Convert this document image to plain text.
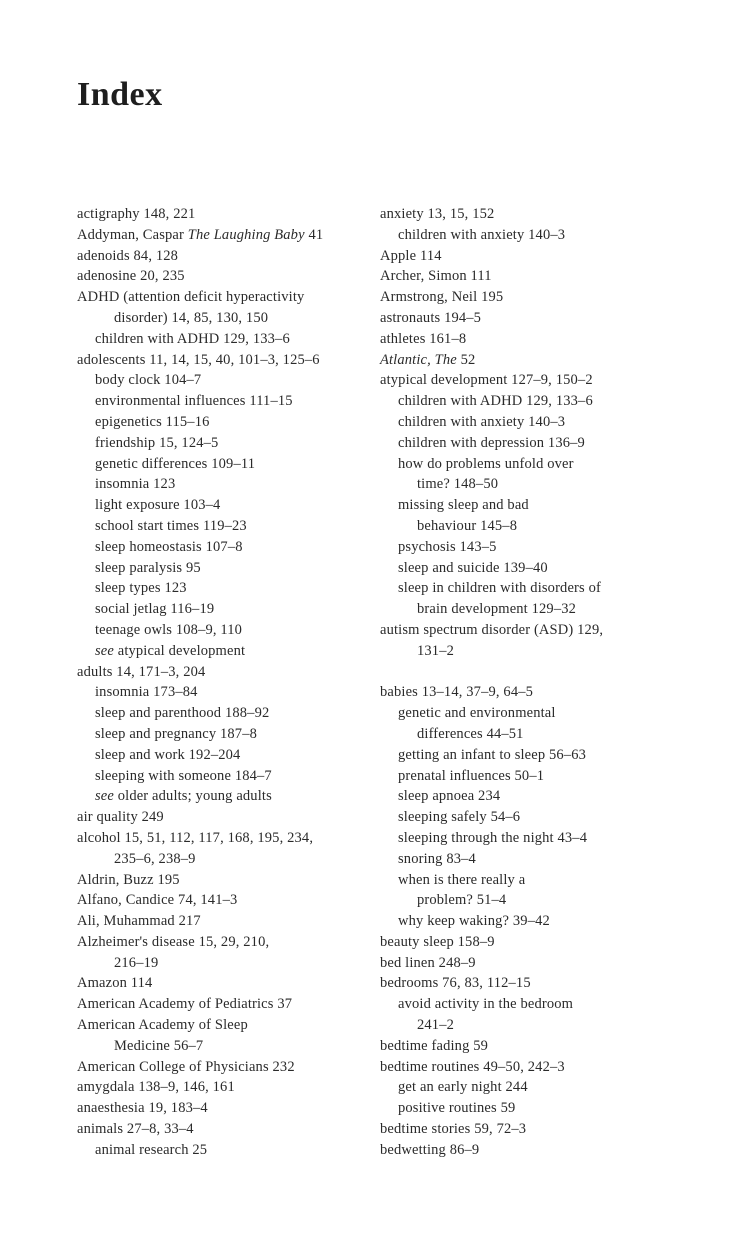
Index
actigraphy 148, 221
Addyman, Caspar The Laughing Baby 41
adenoids 84, 128
adenosine 20, 235
ADHD (attention deficit hyperactivity
disorder) 14, 85, 130, 150
children with ADHD 129, 133–6
adolescents 11, 14, 15, 40, 101–3, 125–6
body clock 104–7
environmental influences 111–15
epigenetics 115–16
friendship 15, 124–5
genetic differences 109–11
insomnia 123
light exposure 103–4
school start times 119–23
sleep homeostasis 107–8
sleep paralysis 95
sleep types 123
social jetlag 116–19
teenage owls 108–9, 110
see atypical development
adults 14, 171–3, 204
insomnia 173–84
sleep and parenthood 188–92
sleep and pregnancy 187–8
sleep and work 192–204
sleeping with someone 184–7
see older adults; young adults
air quality 249
alcohol 15, 51, 112, 117, 168, 195, 234,
235–6, 238–9
Aldrin, Buzz 195
Alfano, Candice 74, 141–3
Ali, Muhammad 217
Alzheimer's disease 15, 29, 210,
216–19
Amazon 114
American Academy of Pediatrics 37
American Academy of Sleep
Medicine 56–7
American College of Physicians 232
amygdala 138–9, 146, 161
anaesthesia 19, 183–4
animals 27–8, 33–4
animal research 25
anxiety 13, 15, 152
children with anxiety 140–3
Apple 114
Archer, Simon 111
Armstrong, Neil 195
astronauts 194–5
athletes 161–8
Atlantic, The 52
atypical development 127–9, 150–2
children with ADHD 129, 133–6
children with anxiety 140–3
children with depression 136–9
how do problems unfold over
time? 148–50
missing sleep and bad
behaviour 145–8
psychosis 143–5
sleep and suicide 139–40
sleep in children with disorders of
brain development 129–32
autism spectrum disorder (ASD) 129,
131–2
babies 13–14, 37–9, 64–5
genetic and environmental
differences 44–51
getting an infant to sleep 56–63
prenatal influences 50–1
sleep apnoea 234
sleeping safely 54–6
sleeping through the night 43–4
snoring 83–4
when is there really a
problem? 51–4
why keep waking? 39–42
beauty sleep 158–9
bed linen 248–9
bedrooms 76, 83, 112–15
avoid activity in the bedroom
241–2
bedtime fading 59
bedtime routines 49–50, 242–3
get an early night 244
positive routines 59
bedtime stories 59, 72–3
bedwetting 86–9
